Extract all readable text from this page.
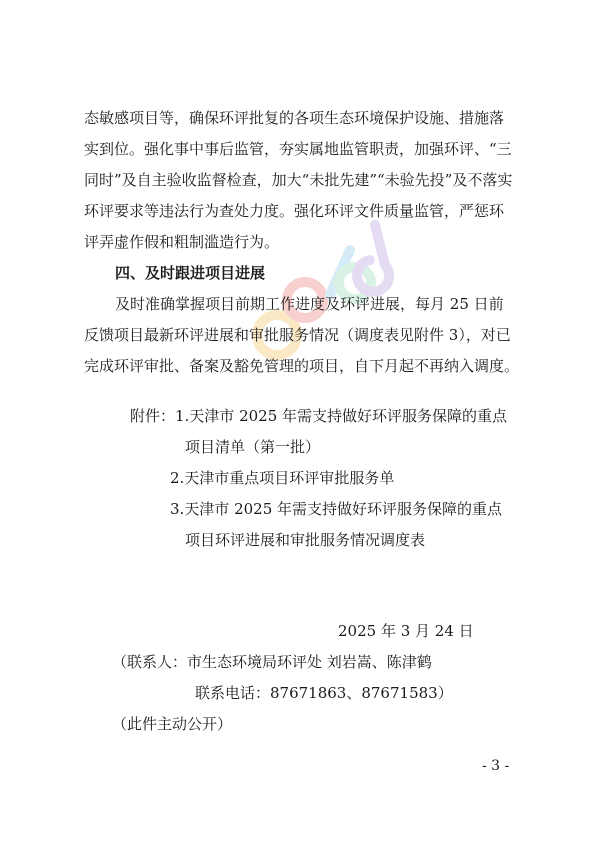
态敏感项目等，确保环评批复的各项生态环境保护设施、措施落
实到位。强化事中事后监管，夯实属地监管职责，加强环评、“三
同时”及自主验收监督检查，加大“未批先建”“未验先投”及不落实
环评要求等违法行为查处力度。强化环评文件质量监管，严惩环
评弄虚作假和粗制滥造行为。
四、及时跟进项目进展
及时准确掌握项目前期工作进度及环评进展，每月 25 日前
反馈项目最新环评进展和审批服务情况（调度表见附件 3），对已
完成环评审批、备案及豁免管理的项目，自下月起不再纳入调度。
附件：1.天津市 2025 年需支持做好环评服务保障的重点
项目清单（第一批）
2.天津市重点项目环评审批服务单
3.天津市 2025 年需支持做好环评服务保障的重点
项目环评进展和审批服务情况调度表
2025 年 3 月 24 日
（联系人：市生态环境局环评处 刘岩嵩、陈津鹤
联系电话：87671863、87671583）
（此件主动公开）
- 3 -
